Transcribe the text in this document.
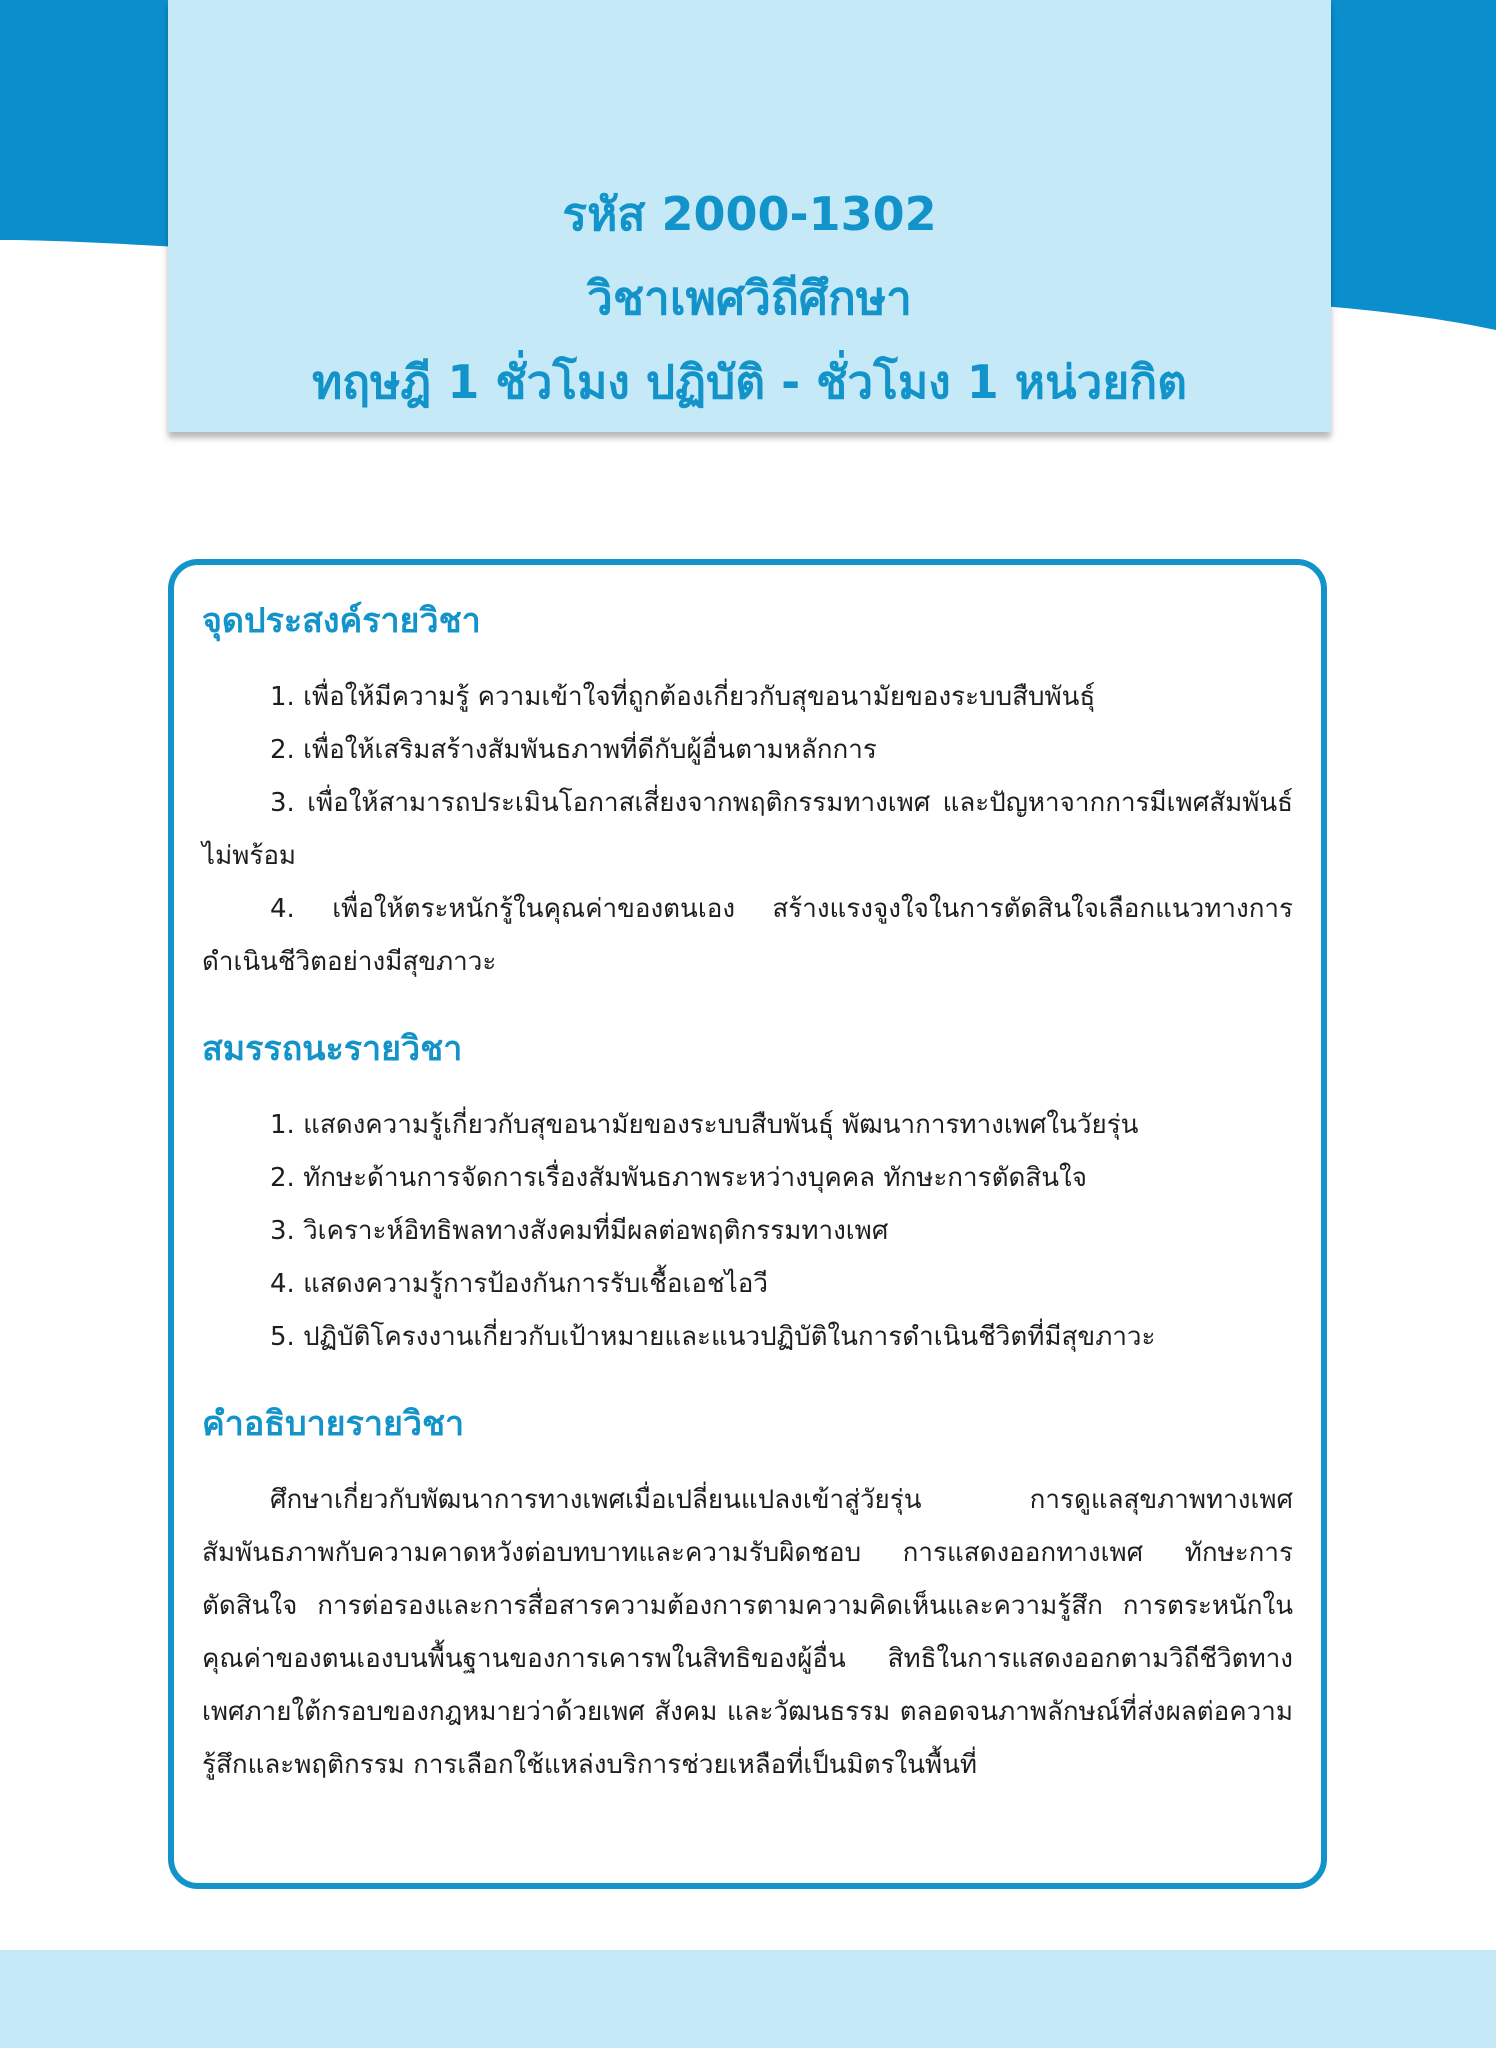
รหัส 2000-1302
วิชาเพศวิถีศึกษา
ทฤษฎี 1 ชั่วโมง ปฏิบัติ - ชั่วโมง 1 หน่วยกิต
จุดประสงค์รายวิชา

1. เพื่อให้มีความรู้ ความเข้าใจที่ถูกต้องเกี่ยวกับสุขอนามัยของระบบสืบพันธุ์

2. เพื่อให้เสริมสร้างสัมพันธภาพที่ดีกับผู้อื่นตามหลักการ

3. เพื่อให้สามารถประเมินโอกาสเสี่ยงจากพฤติกรรมทางเพศ และปัญหาจากการมีเพศสัมพันธ์ไม่พร้อม

4. เพื่อให้ตระหนักรู้ในคุณค่าของตนเอง สร้างแรงจูงใจในการตัดสินใจเลือกแนวทางการดำเนินชีวิตอย่างมีสุขภาวะ

สมรรถนะรายวิชา

1. แสดงความรู้เกี่ยวกับสุขอนามัยของระบบสืบพันธุ์ พัฒนาการทางเพศในวัยรุ่น

2. ทักษะด้านการจัดการเรื่องสัมพันธภาพระหว่างบุคคล ทักษะการตัดสินใจ

3. วิเคราะห์อิทธิพลทางสังคมที่มีผลต่อพฤติกรรมทางเพศ

4. แสดงความรู้การป้องกันการรับเชื้อเอชไอวี

5. ปฏิบัติโครงงานเกี่ยวกับเป้าหมายและแนวปฏิบัติในการดำเนินชีวิตที่มีสุขภาวะ

คำอธิบายรายวิชา

ศึกษาเกี่ยวกับพัฒนาการทางเพศเมื่อเปลี่ยนแปลงเข้าสู่วัยรุ่น การดูแลสุขภาพทางเพศ สัมพันธภาพกับความคาดหวังต่อบทบาทและความรับผิดชอบ การแสดงออกทางเพศ ทักษะการตัดสินใจ การต่อรองและการสื่อสารความต้องการตามความคิดเห็นและความรู้สึก การตระหนักในคุณค่าของตนเองบนพื้นฐานของการเคารพในสิทธิของผู้อื่น สิทธิในการแสดงออกตามวิถีชีวิตทางเพศภายใต้กรอบของกฎหมายว่าด้วยเพศ สังคม และวัฒนธรรม ตลอดจนภาพลักษณ์ที่ส่งผลต่อความรู้สึกและพฤติกรรม การเลือกใช้แหล่งบริการช่วยเหลือที่เป็นมิตรในพื้นที่
